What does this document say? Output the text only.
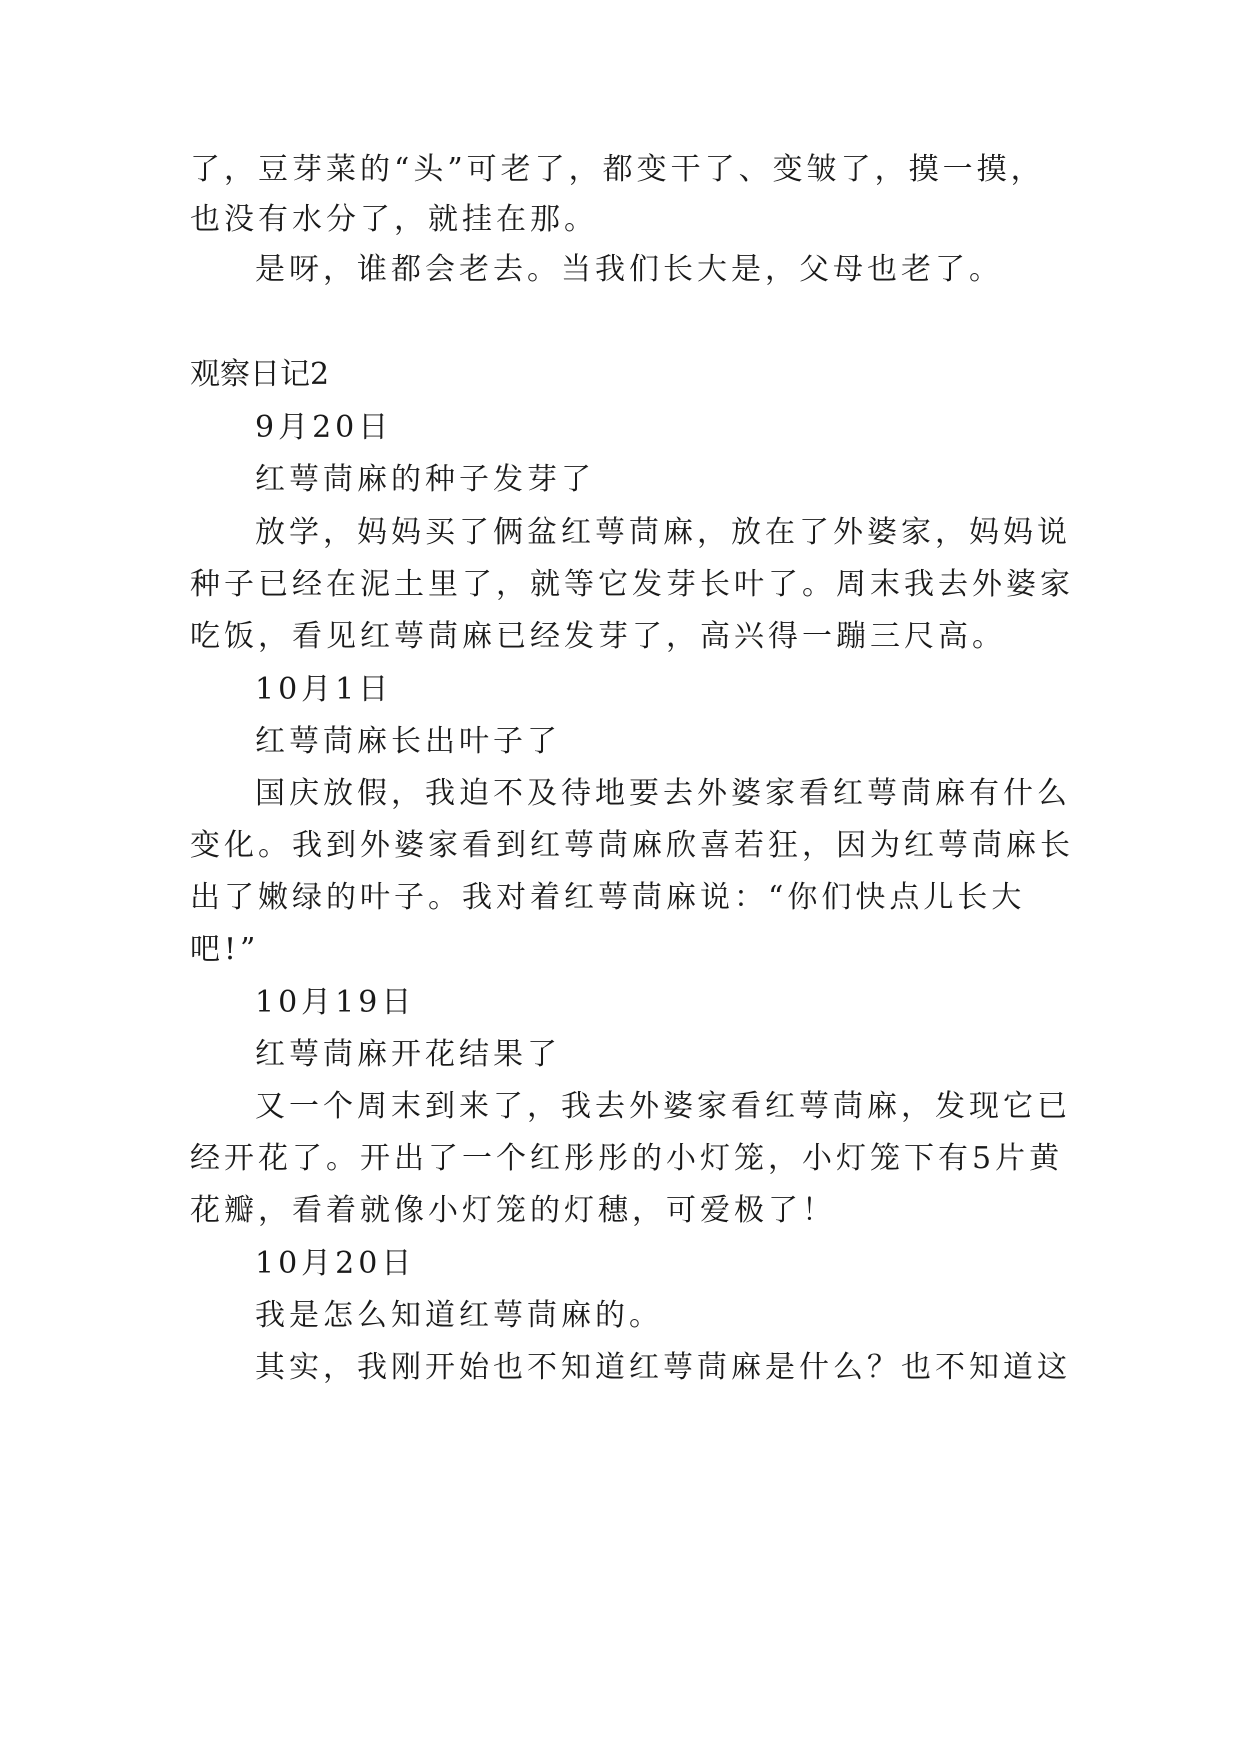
了，豆芽菜的“头”可老了，都变干了、变皱了，摸一摸，
也没有水分了，就挂在那。
是呀，谁都会老去。当我们长大是，父母也老了。
观察日记2
9月20日
红萼茼麻的种子发芽了
放学，妈妈买了俩盆红萼茼麻，放在了外婆家，妈妈说
种子已经在泥土里了，就等它发芽长叶了。周末我去外婆家
吃饭，看见红萼茼麻已经发芽了，高兴得一蹦三尺高。
10月1日
红萼茼麻长出叶子了
国庆放假，我迫不及待地要去外婆家看红萼茼麻有什么
变化。我到外婆家看到红萼茼麻欣喜若狂，因为红萼茼麻长
出了嫩绿的叶子。我对着红萼茼麻说：“你们快点儿长大
吧!”
10月19日
红萼茼麻开花结果了
又一个周末到来了，我去外婆家看红萼茼麻，发现它已
经开花了。开出了一个红彤彤的小灯笼，小灯笼下有5片黄
花瓣，看着就像小灯笼的灯穗，可爱极了！
10月20日
我是怎么知道红萼茼麻的。
其实，我刚开始也不知道红萼茼麻是什么？也不知道这
